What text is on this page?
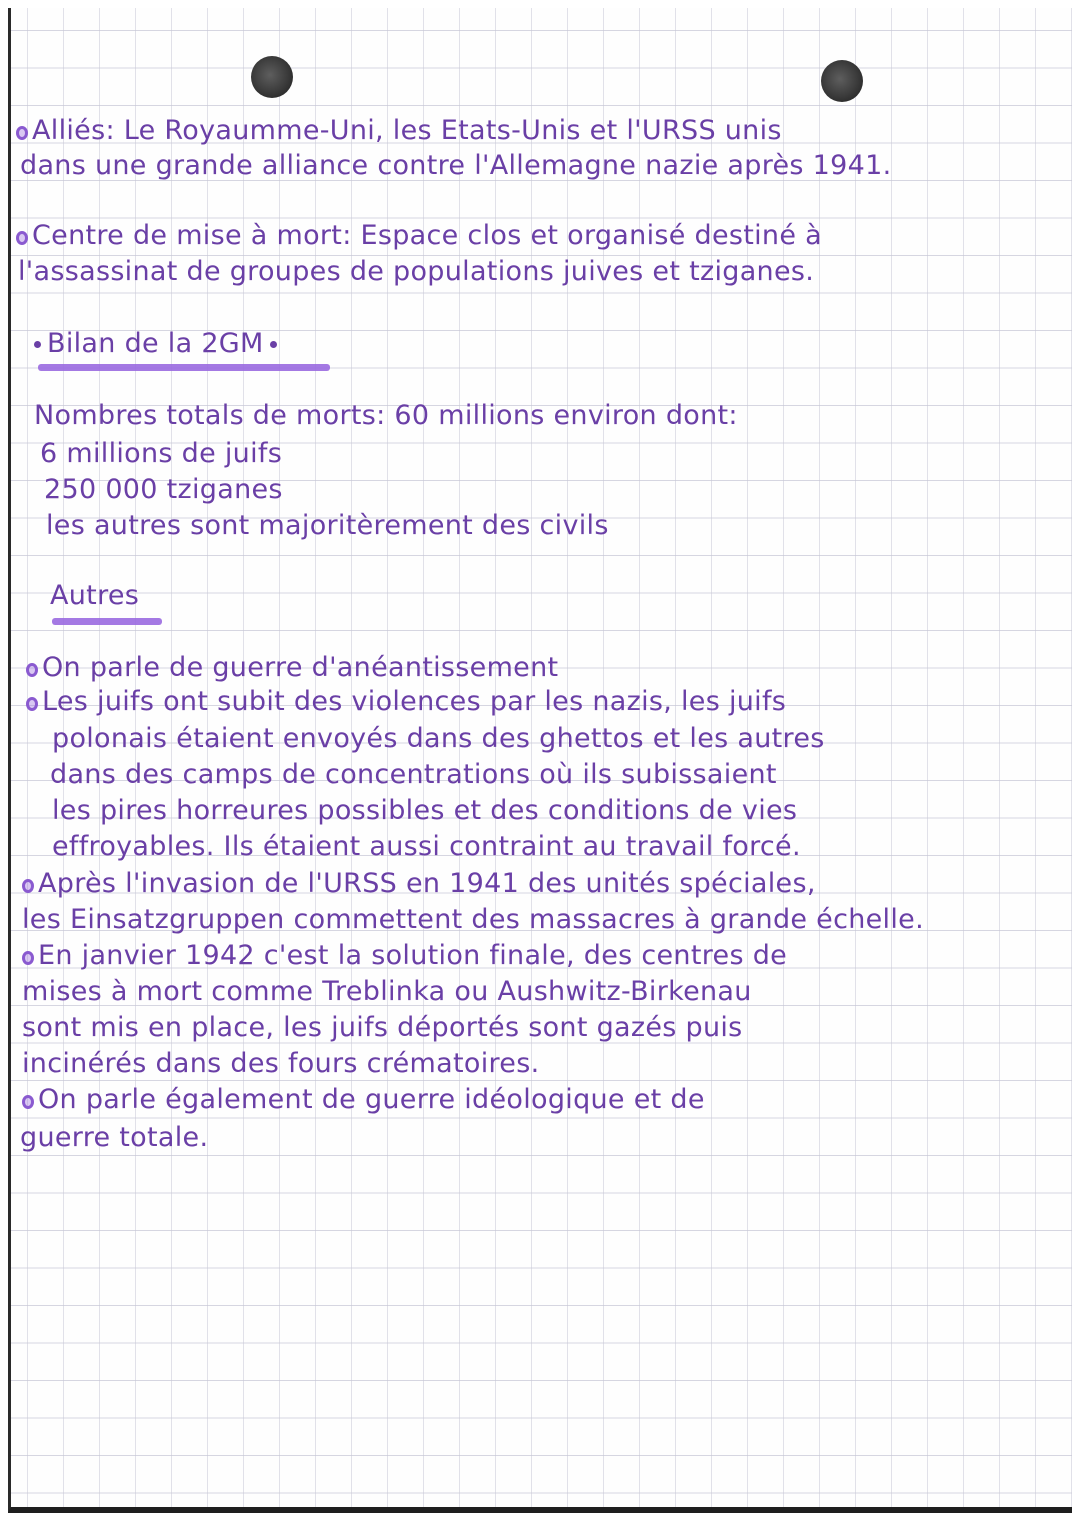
Alliés: Le Royaumme-Uni, les Etats-Unis et l'URSS unis
dans une grande alliance contre l'Allemagne nazie après 1941.
Centre de mise à mort: Espace clos et organisé destiné à
l'assassinat de groupes de populations juives et tziganes.
Bilan de la 2GM
Nombres totals de morts: 60 millions environ dont:
6 millions de juifs
250 000 tziganes
les autres sont majoritèrement des civils
Autres
On parle de guerre d'anéantissement
Les juifs ont subit des violences par les nazis, les juifs
polonais étaient envoyés dans des ghettos et les autres
dans des camps de concentrations où ils subissaient
les pires horreures possibles et des conditions de vies
effroyables. Ils étaient aussi contraint au travail forcé.
Après l'invasion de l'URSS en 1941 des unités spéciales,
les Einsatzgruppen commettent des massacres à grande échelle.
En janvier 1942 c'est la solution finale, des centres de
mises à mort comme Treblinka ou Aushwitz-Birkenau
sont mis en place, les juifs déportés sont gazés puis
incinérés dans des fours crématoires.
On parle également de guerre idéologique et de
guerre totale.
